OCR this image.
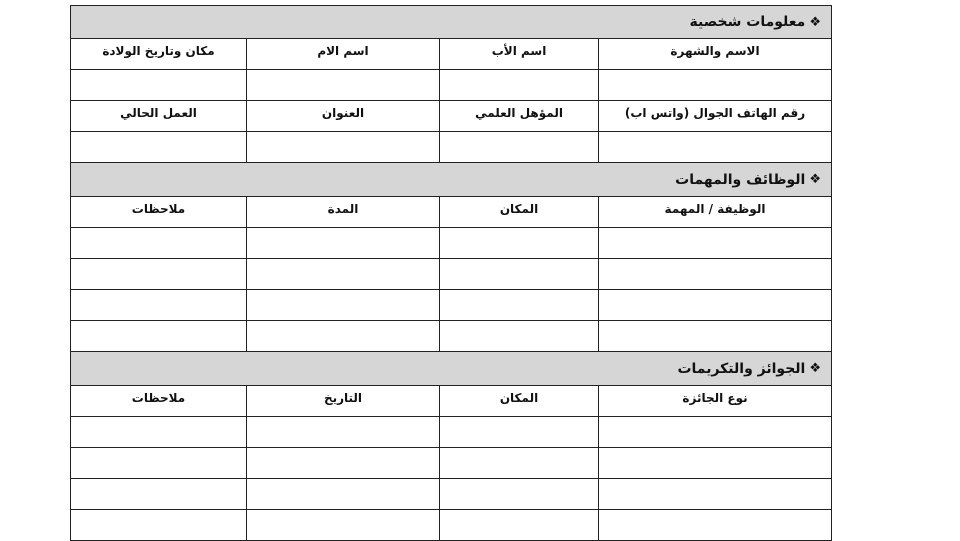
❖
معلومات شخصية
الاسم والشهرة
اسم الأب
اسم الام
مكان وتاريخ الولادة
رقم الهاتف الجوال (واتس اب)
المؤهل العلمي
العنوان
العمل الحالي
❖
الوظائف والمهمات
الوظيفة / المهمة
المكان
المدة
ملاحظات
❖
الجوائز والتكريمات
نوع الجائزة
المكان
التاريخ
ملاحظات
